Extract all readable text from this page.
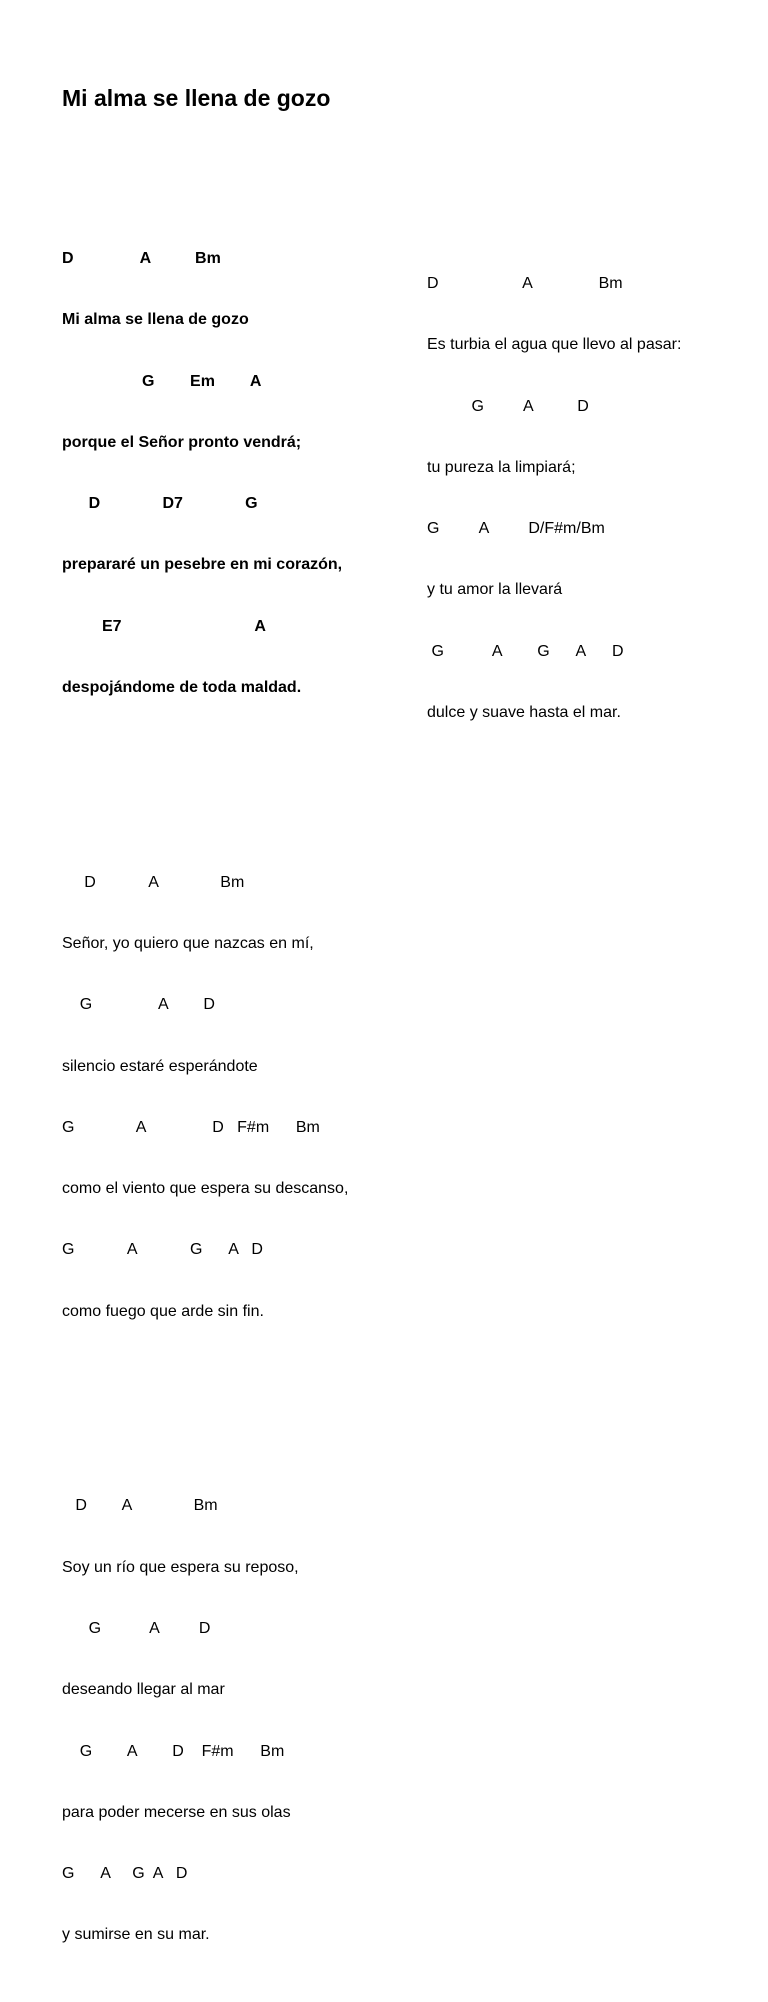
Mi alma se llena de gozo

D               A          Bm

Mi alma se llena de gozo

G        Em        A

porque el Señor pronto vendrá;

D              D7              G

prepararé un pesebre en mi corazón,

E7                              A

despojándome de toda maldad.

D            A              Bm

Señor, yo quiero que nazcas en mí,

G               A        D

silencio estaré esperándote

G              A               D   F#m      Bm

como el viento que espera su descanso,

G            A            G      A   D

como fuego que arde sin fin.

D        A              Bm

Soy un río que espera su reposo,

G           A         D

deseando llegar al mar

G        A        D    F#m      Bm

para poder mecerse en sus olas

G      A     G  A   D

y sumirse en su mar.

D                   A               Bm

Es turbia el agua que llevo al pasar:

G         A          D

tu pureza la limpiará;

G         A         D/F#m/Bm

y tu amor la llevará

G           A        G      A      D

dulce y suave hasta el mar.
